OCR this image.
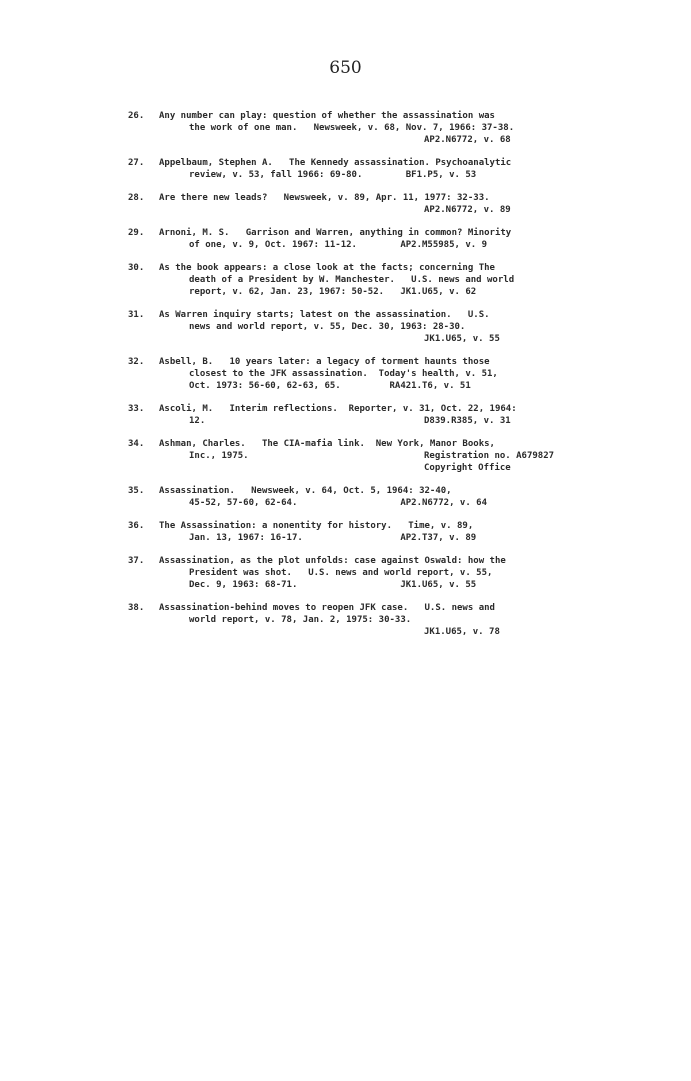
650
26.	Any number can play: question of whether the assassination was
the work of one man.   Newsweek, v. 68, Nov. 7, 1966: 37-38.
AP2.N6772, v. 68
27.	Appelbaum, Stephen A.   The Kennedy assassination. Psychoanalytic
review, v. 53, fall 1966: 69-80.        BF1.P5, v. 53
28.	Are there new leads?   Newsweek, v. 89, Apr. 11, 1977: 32-33.
AP2.N6772, v. 89
29.	Arnoni, M. S.   Garrison and Warren, anything in common? Minority
of one, v. 9, Oct. 1967: 11-12.        AP2.M55985, v. 9
30.	As the book appears: a close look at the facts; concerning The
death of a President by W. Manchester.   U.S. news and world
report, v. 62, Jan. 23, 1967: 50-52.   JK1.U65, v. 62
31.	As Warren inquiry starts; latest on the assassination.   U.S.
news and world report, v. 55, Dec. 30, 1963: 28-30.
JK1.U65, v. 55
32.	Asbell, B.   10 years later: a legacy of torment haunts those
closest to the JFK assassination.  Today's health, v. 51,
Oct. 1973: 56-60, 62-63, 65.         RA421.T6, v. 51
33.	Ascoli, M.   Interim reflections.  Reporter, v. 31, Oct. 22, 1964:
12.	D839.R385, v. 31
34.	Ashman, Charles.   The CIA-mafia link.  New York, Manor Books,
Inc., 1975.	Registration no. A679827
Copyright Office
35.	Assassination.   Newsweek, v. 64, Oct. 5, 1964: 32-40,
45-52, 57-60, 62-64.                   AP2.N6772, v. 64
36.	The Assassination: a nonentity for history.   Time, v. 89,
Jan. 13, 1967: 16-17.                  AP2.T37, v. 89
37.	Assassination, as the plot unfolds: case against Oswald: how the
President was shot.   U.S. news and world report, v. 55,
Dec. 9, 1963: 68-71.                   JK1.U65, v. 55
38.	Assassination-behind moves to reopen JFK case.   U.S. news and
world report, v. 78, Jan. 2, 1975: 30-33.
JK1.U65, v. 78
